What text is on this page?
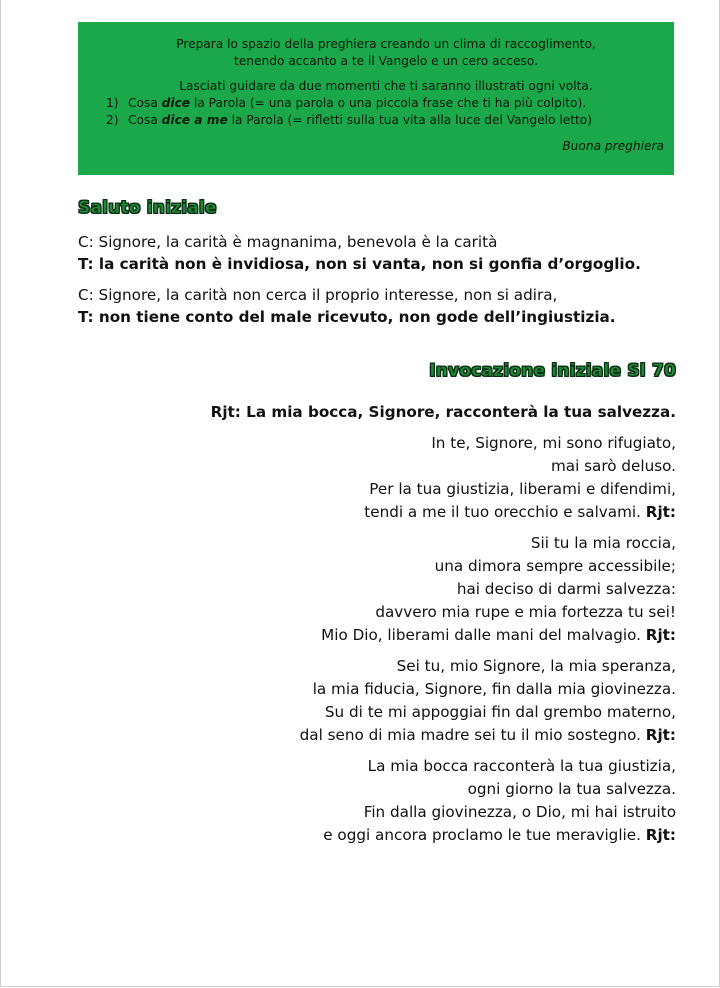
Prepara lo spazio della preghiera creando un clima di raccoglimento,
tenendo accanto a te il Vangelo e un cero acceso.
Lasciati guidare da due momenti che ti saranno illustrati ogni volta.
1) Cosa dice la Parola (= una parola o una piccola frase che ti ha più colpito).
2) Cosa dice a me la Parola (= rifletti sulla tua vita alla luce del Vangelo letto)
Buona preghiera
Saluto iniziale

C: Signore, la carità è magnanima, benevola è la carità

T: la carità non è invidiosa, non si vanta, non si gonfia d’orgoglio.

C: Signore, la carità non cerca il proprio interesse, non si adira,

T: non tiene conto del male ricevuto, non gode dell’ingiustizia.

Invocazione iniziale Sl 70
Rjt: La mia bocca, Signore, racconterà la tua salvezza.
In te, Signore, mi sono rifugiato,
mai sarò deluso.
Per la tua giustizia, liberami e difendimi,
tendi a me il tuo orecchio e salvami. Rjt:
Sii tu la mia roccia,
una dimora sempre accessibile;
hai deciso di darmi salvezza:
davvero mia rupe e mia fortezza tu sei!
Mio Dio, liberami dalle mani del malvagio. Rjt:
Sei tu, mio Signore, la mia speranza,
la mia fiducia, Signore, fin dalla mia giovinezza.
Su di te mi appoggiai fin dal grembo materno,
dal seno di mia madre sei tu il mio sostegno. Rjt:
La mia bocca racconterà la tua giustizia,
ogni giorno la tua salvezza.
Fin dalla giovinezza, o Dio, mi hai istruito
e oggi ancora proclamo le tue meraviglie. Rjt:
